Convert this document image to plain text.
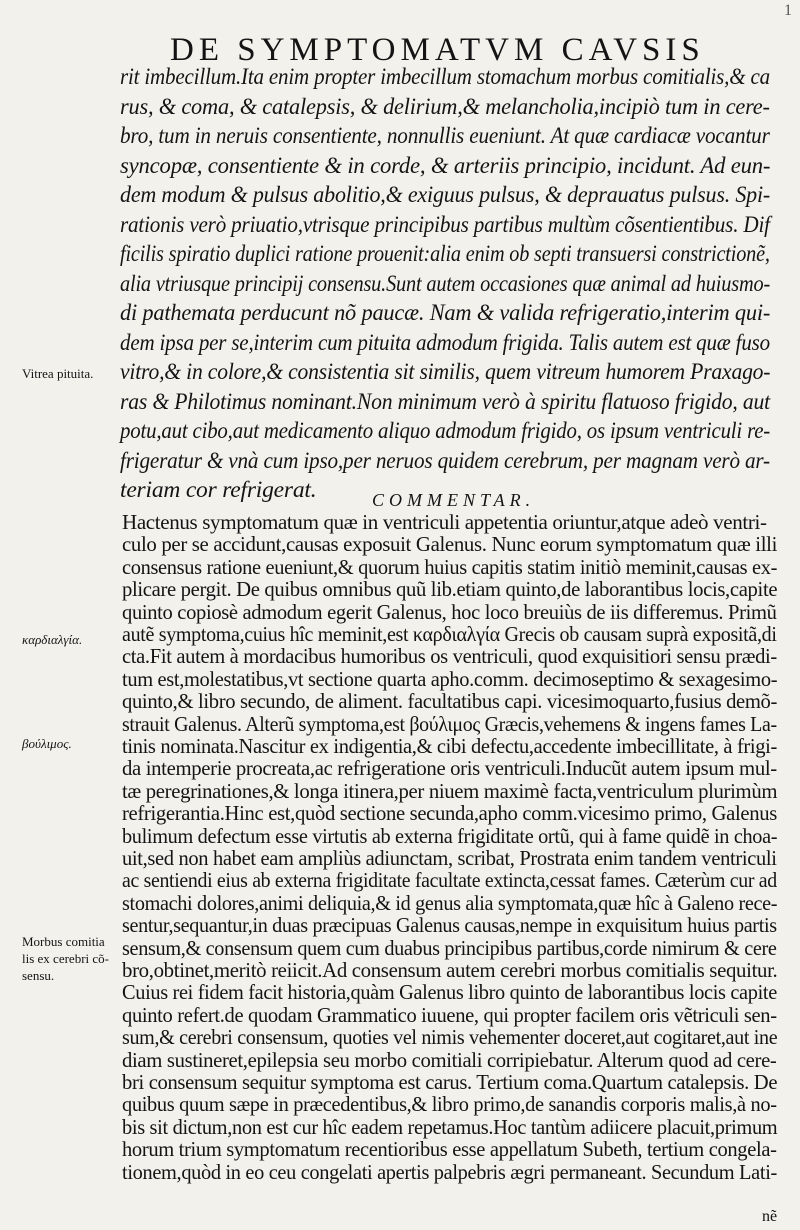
1
DE SYMPTOMATVM CAVSIS
rit imbecillum.Ita enim propter imbecillum stomachum morbus comitialis,& ca
rus, & coma, & catalepsis, & delirium,& melancholia,incipiò tum in cere-
bro, tum in neruis consentiente, nonnullis eueniunt. At quæ cardiacæ vocantur
syncopæ, consentiente & in corde, & arteriis principio, incidunt. Ad eun-
dem modum & pulsus abolitio,& exiguus pulsus, & deprauatus pulsus. Spi-
rationis verò priuatio,vtrisque principibus partibus multùm cõsentientibus. Dif
ficilis spiratio duplici ratione prouenit:alia enim ob septi transuersi constrictionẽ,
alia vtriusque principij consensu.Sunt autem occasiones quæ animal ad huiusmo-
di pathemata perducunt nõ paucæ. Nam & valida refrigeratio,interim qui-
dem ipsa per se,interim cum pituita admodum frigida. Talis autem est quæ fuso
vitro,& in colore,& consistentia sit similis, quem vitreum humorem Praxago-
ras & Philotimus nominant.Non minimum verò à spiritu flatuoso frigido, aut
potu,aut cibo,aut medicamento aliquo admodum frigido, os ipsum ventriculi re-
frigeratur & vnà cum ipso,per neruos quidem cerebrum, per magnam verò ar-
teriam cor refrigerat.	COMMENTAR.
Hactenus symptomatum quæ in ventriculi appetentia oriuntur,atque adeò ventri-
culo per se accidunt,causas exposuit Galenus. Nunc eorum symptomatum quæ illi
consensus ratione eueniunt,& quorum huius capitis statim initiò meminit,causas ex-
plicare pergit. De quibus omnibus quũ lib.etiam quinto,de laborantibus locis,capite
quinto copiosè admodum egerit Galenus, hoc loco breuiùs de iis differemus. Primũ
autẽ symptoma,cuius hîc meminit,est καρδιαλγία Grecis ob causam suprà expositã,di
cta.Fit autem à mordacibus humoribus os ventriculi, quod exquisitiori sensu prædi-
tum est,molestatibus,vt sectione quarta apho.comm. decimoseptimo & sexagesimo-
quinto,& libro secundo, de aliment. facultatibus capi. vicesimoquarto,fusius demõ-
strauit Galenus. Alterũ symptoma,est βούλιμος Græcis,vehemens & ingens fames La-
tinis nominata.Nascitur ex indigentia,& cibi defectu,accedente imbecillitate, à frigi-
da intemperie procreata,ac refrigeratione oris ventriculi.Inducũt autem ipsum mul-
tæ peregrinationes,& longa itinera,per niuem maximè facta,ventriculum plurimùm
refrigerantia.Hinc est,quòd sectione secunda,apho comm.vicesimo primo, Galenus
bulimum defectum esse virtutis ab externa frigiditate ortũ, qui à fame quidẽ in choa-
uit,sed non habet eam ampliùs adiunctam, scribat, Prostrata enim tandem ventriculi
ac sentiendi eius ab externa frigiditate facultate extincta,cessat fames. Cæterùm cur ad
stomachi dolores,animi deliquia,& id genus alia symptomata,quæ hîc à Galeno rece-
sentur,sequantur,in duas præcipuas Galenus causas,nempe in exquisitum huius partis
sensum,& consensum quem cum duabus principibus partibus,corde nimirum & cere
bro,obtinet,meritò reiicit.Ad consensum autem cerebri morbus comitialis sequitur.
Cuius rei fidem facit historia,quàm Galenus libro quinto de laborantibus locis capite
quinto refert.de quodam Grammatico iuuene, qui propter facilem oris vẽtriculi sen-
sum,& cerebri consensum, quoties vel nimis vehementer doceret,aut cogitaret,aut ine
diam sustineret,epilepsia seu morbo comitiali corripiebatur. Alterum quod ad cere-
bri consensum sequitur symptoma est carus. Tertium coma.Quartum catalepsis. De
quibus quum sæpe in præcedentibus,& libro primo,de sanandis corporis malis,à no-
bis sit dictum,non est cur hîc eadem repetamus.Hoc tantùm adiicere placuit,primum
horum trium symptomatum recentioribus esse appellatum Subeth, tertium congela-
tionem,quòd in eo ceu congelati apertis palpebris ægri permaneant. Secundum Lati-
Vitrea pituita.
καρδιαλγία.
βούλιμος.
Morbus comitia
lis ex cerebri cõ-
sensu.
nẽ
